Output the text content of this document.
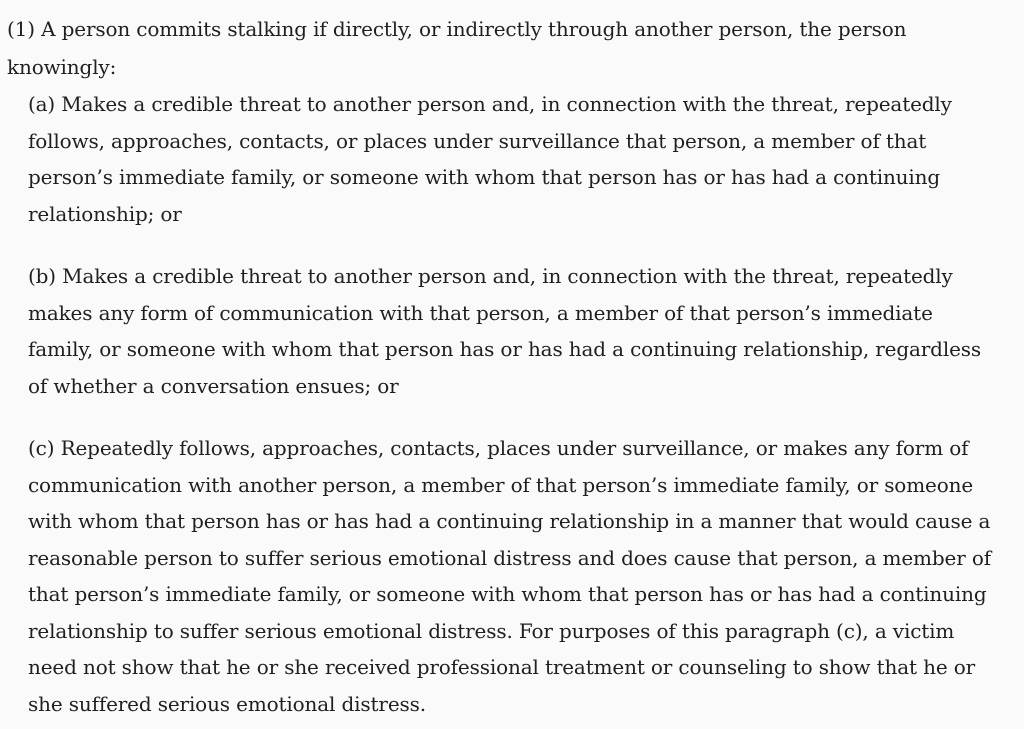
(1) A person commits stalking if directly, or indirectly through another person, the person knowingly:

(a) Makes a credible threat to another person and, in connection with the threat, repeatedly follows, approaches, contacts, or places under surveillance that person, a member of that person’s immediate family, or someone with whom that person has or has had a continuing relationship; or

(b) Makes a credible threat to another person and, in connection with the threat, repeatedly makes any form of communication with that person, a member of that person’s immediate family, or someone with whom that person has or has had a continuing relationship, regardless of whether a conversation ensues; or

(c) Repeatedly follows, approaches, contacts, places under surveillance, or makes any form of communication with another person, a member of that person’s immediate family, or someone with whom that person has or has had a continuing relationship in a manner that would cause a reasonable person to suffer serious emotional distress and does cause that person, a member of that person’s immediate family, or someone with whom that person has or has had a continuing relationship to suffer serious emotional distress. For purposes of this paragraph (c), a victim need not show that he or she received professional treatment or counseling to show that he or she suffered serious emotional distress.
